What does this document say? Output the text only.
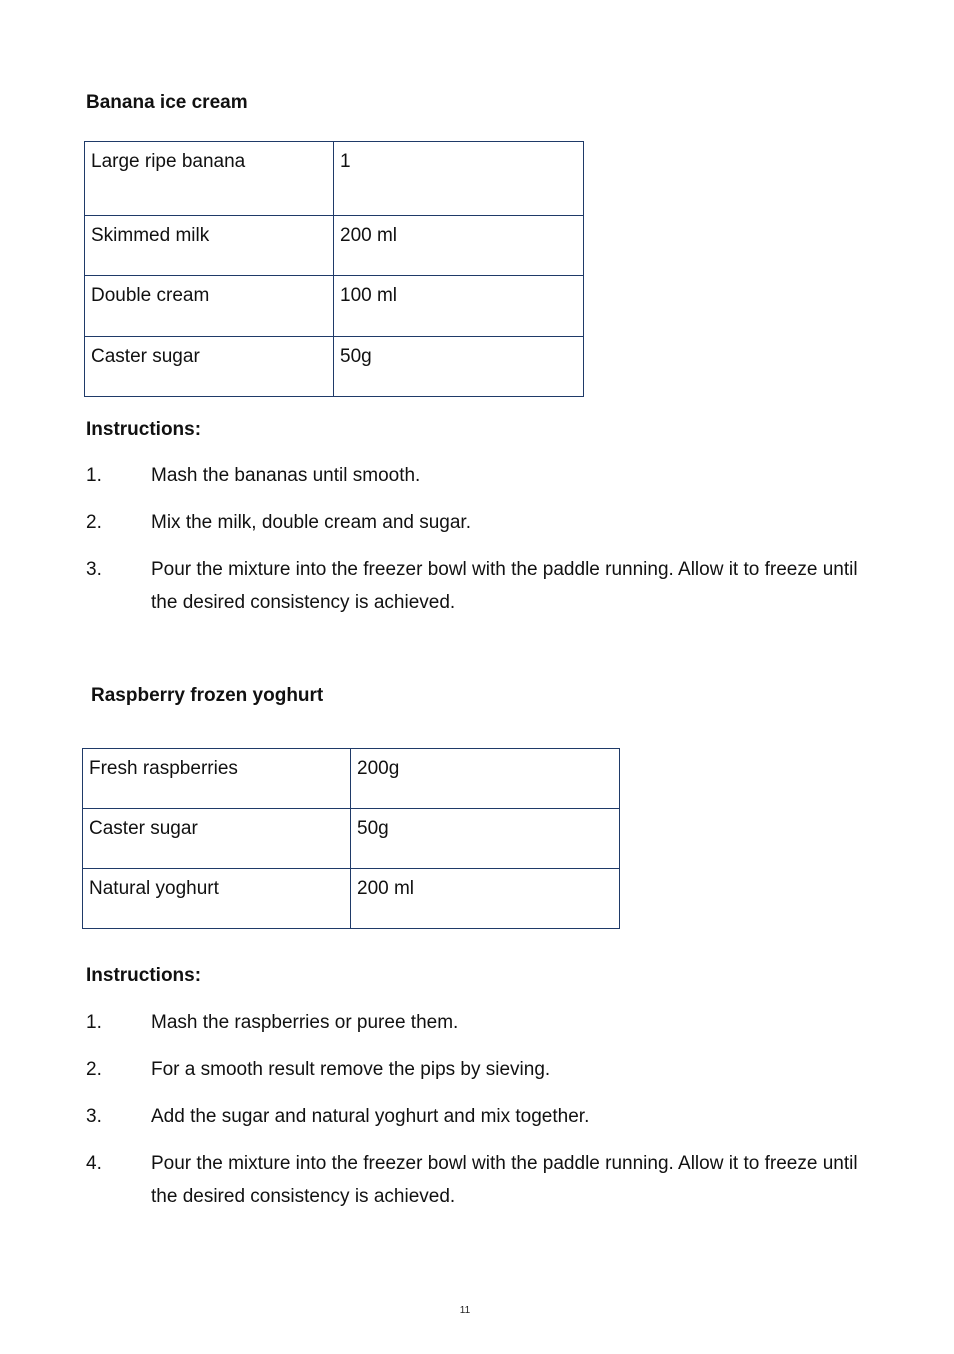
Banana ice cream
Large ripe banana	1
Skimmed milk	200 ml
Double cream	100 ml
Caster sugar	50g
Instructions:
1.	Mash the bananas until smooth.
2.	Mix the milk, double cream and sugar.
3.	Pour the mixture into the freezer bowl with the paddle running. Allow it to freeze until the desired consistency is achieved.
Raspberry frozen yoghurt
Fresh raspberries	200g
Caster sugar	50g
Natural yoghurt	200 ml
Instructions:
1.	Mash the raspberries or puree them.
2.	For a smooth result remove the pips by sieving.
3.	Add the sugar and natural yoghurt and mix together.
4.	Pour the mixture into the freezer bowl with the paddle running. Allow it to freeze until the desired consistency is achieved.
11
